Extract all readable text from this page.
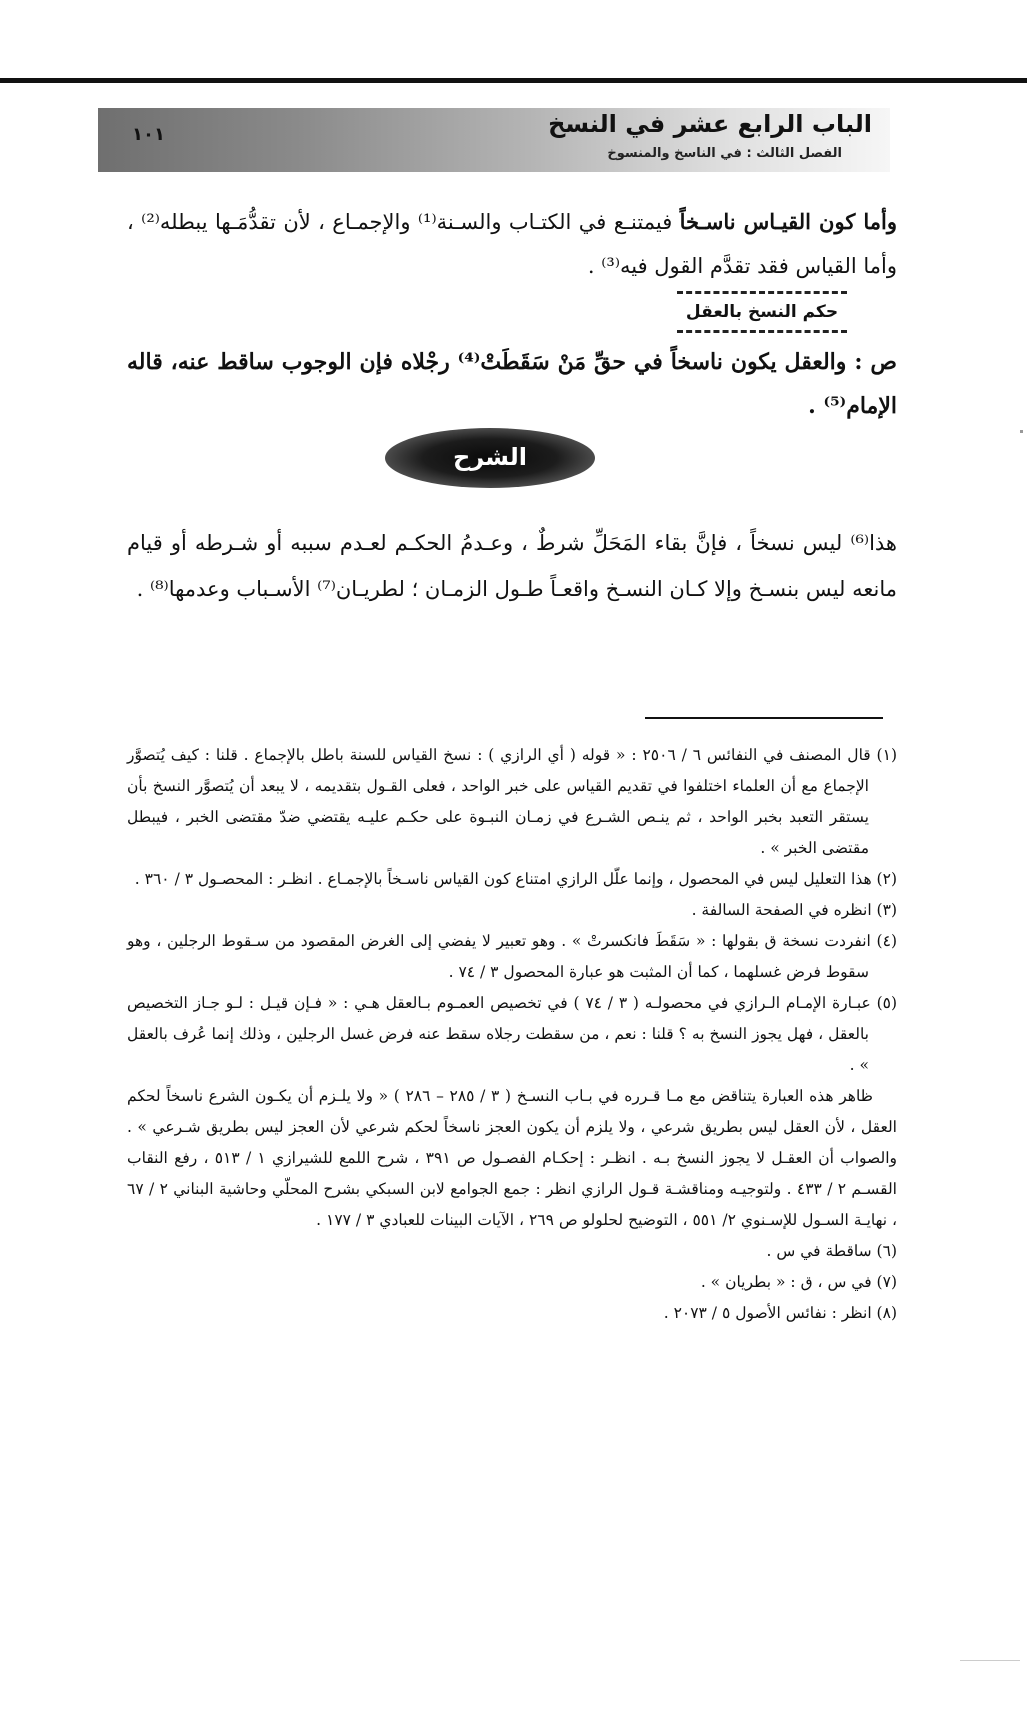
الباب الرابع عشر في النسخ
الفصل الثالث : في الناسخ والمنسوخ
١٠١
وأما كون القيـاس ناسـخاً فيمتنـع في الكتـاب والسـنة⁽¹⁾ والإجمـاع ، لأن تقدُّمَـها يبطله⁽²⁾ ، وأما القياس فقد تقدَّم القول فيه⁽³⁾ .
حكم النسخ بالعقل
ص : والعقل يكون ناسخاً في حقِّ مَنْ سَقَطَتْ⁽⁴⁾ رجْلاه فإن الوجوب ساقط عنه، قاله الإمام⁽⁵⁾ .
الشرح
هذا⁽⁶⁾ ليس نسخاً ، فإنَّ بقاء المَحَلِّ شرطٌ ، وعـدمُ الحكـم لعـدم سببه أو شـرطه أو قيام مانعه ليس بنسـخ وإلا كـان النسـخ واقعـاً طـول الزمـان ؛ لطريـان⁽⁷⁾ الأسـباب وعدمها⁽⁸⁾ .

(١) قال المصنف في النفائس ٦ / ٢٥٠٦ : « قوله ( أي الرازي ) : نسخ القياس للسنة باطل بالإجماع . قلنا : كيف يُتصوَّر الإجماع مع أن العلماء اختلفوا في تقديم القياس على خبر الواحد ، فعلى القـول بتقديمه ، لا يبعد أن يُتصوَّر النسخ بأن يستقر التعبد بخبر الواحد ، ثم ينـص الشـرع في زمـان النبـوة على حكـم عليـه يقتضي ضدّ مقتضى الخبر ، فيبطل مقتضى الخبر » .

(٢) هذا التعليل ليس في المحصول ، وإنما علّل الرازي امتناع كون القياس ناسـخاً بالإجمـاع . انظـر : المحصـول ٣ / ٣٦٠ .

(٣) انظره في الصفحة السالفة .

(٤) انفردت نسخة ق بقولها : « سَقَطَ فانكسرتْ » . وهو تعبير لا يفضي إلى الغرض المقصود من سـقوط الرجلين ، وهو سقوط فرض غسلهما ، كما أن المثبت هو عبارة المحصول ٣ / ٧٤ .

(٥) عبـارة الإمـام الـرازي في محصولـه ( ٣ / ٧٤ ) في تخصيص العمـوم بـالعقل هـي : « فـإن قيـل : لـو جـاز التخصيص بالعقل ، فهل يجوز النسخ به ؟ قلنا : نعم ، من سقطت رجلاه سقط عنه فرض غسل الرجلين ، وذلك إنما عُرف بالعقل » .

ظاهر هذه العبارة يتناقض مع مـا قـرره في بـاب النسـخ ( ٣ / ٢٨٥ – ٢٨٦ ) « ولا يلـزم أن يكـون الشرع ناسخاً لحكم العقل ، لأن العقل ليس بطريق شرعي ، ولا يلزم أن يكون العجز ناسخاً لحكم شرعي لأن العجز ليس بطريق شـرعي » . والصواب أن العقـل لا يجوز النسخ بـه . انظـر : إحكـام الفصـول ص ٣٩١ ، شرح اللمع للشيرازي ١ / ٥١٣ ، رفع النقاب القسـم ٢ / ٤٣٣ . ولتوجيـه ومناقشـة قـول الرازي انظر : جمع الجوامع لابن السبكي بشرح المحلّي وحاشية البناني ٢ / ٦٧ ، نهايـة السـول للإسـنوي ٢/ ٥٥١ ، التوضيح لحلولو ص ٢٦٩ ، الآيات البينات للعبادي ٣ / ١٧٧ .

(٦) ساقطة في س .

(٧) في س ، ق : « بطريان » .

(٨) انظر : نفائس الأصول ٥ / ٢٠٧٣ .
